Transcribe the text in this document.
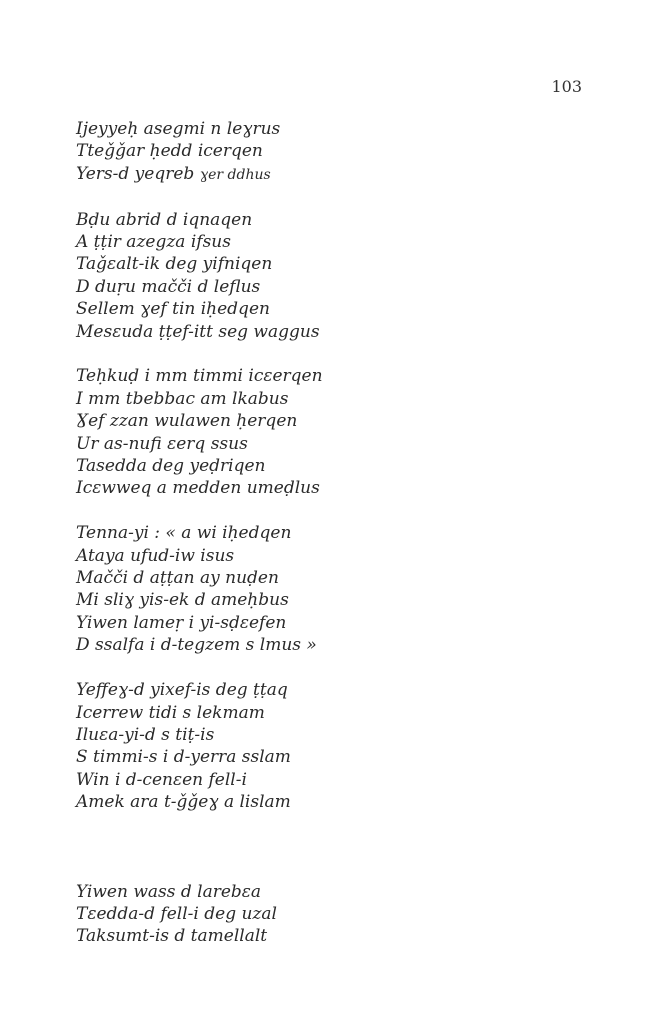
103
Ijeyyeḥ asegmi n leɣrus
Tteǧǧar ḥedd icerqen
Yers-d yeqreb ɣer ddhus
Bḍu abrid d iqnaqen
A ṭṭir azegza ifsus
Taǧɛalt-ik deg yifniqen
D duṛu mačči d leflus
Sellem ɣef tin iḥedqen
Mesɛuda ṭṭef-itt seg waggus
Teḥkuḍ i mm timmi icɛerqen
I mm tbebbac am lkabus
Ɣef zzan wulawen ḥerqen
Ur as-nufi ɛerq ssus
Tasedda deg yeḍriqen
Icɛwweq a medden umeḍlus
Tenna-yi : « a wi iḥedqen
Ataya ufud-iw isus
Mačči d aṭṭan ay nuḍen
Mi sliɣ yis-ek d ameḥbus
Yiwen lameṛ i yi-sḍɛefen
D ssalfa i d-tegzem s lmus »
Yeffeɣ-d yixef-is deg ṭṭaq
Icerrew tidi s lekmam
Iluɛa-yi-d s tiṭ-is
S timmi-s i d-yerra sslam
Win i d-cenɛen fell-i
Amek ara t-ǧǧeɣ a lislam
Yiwen wass d larebɛa
Tɛedda-d fell-i deg uzal
Taksumt-is d tamellalt
